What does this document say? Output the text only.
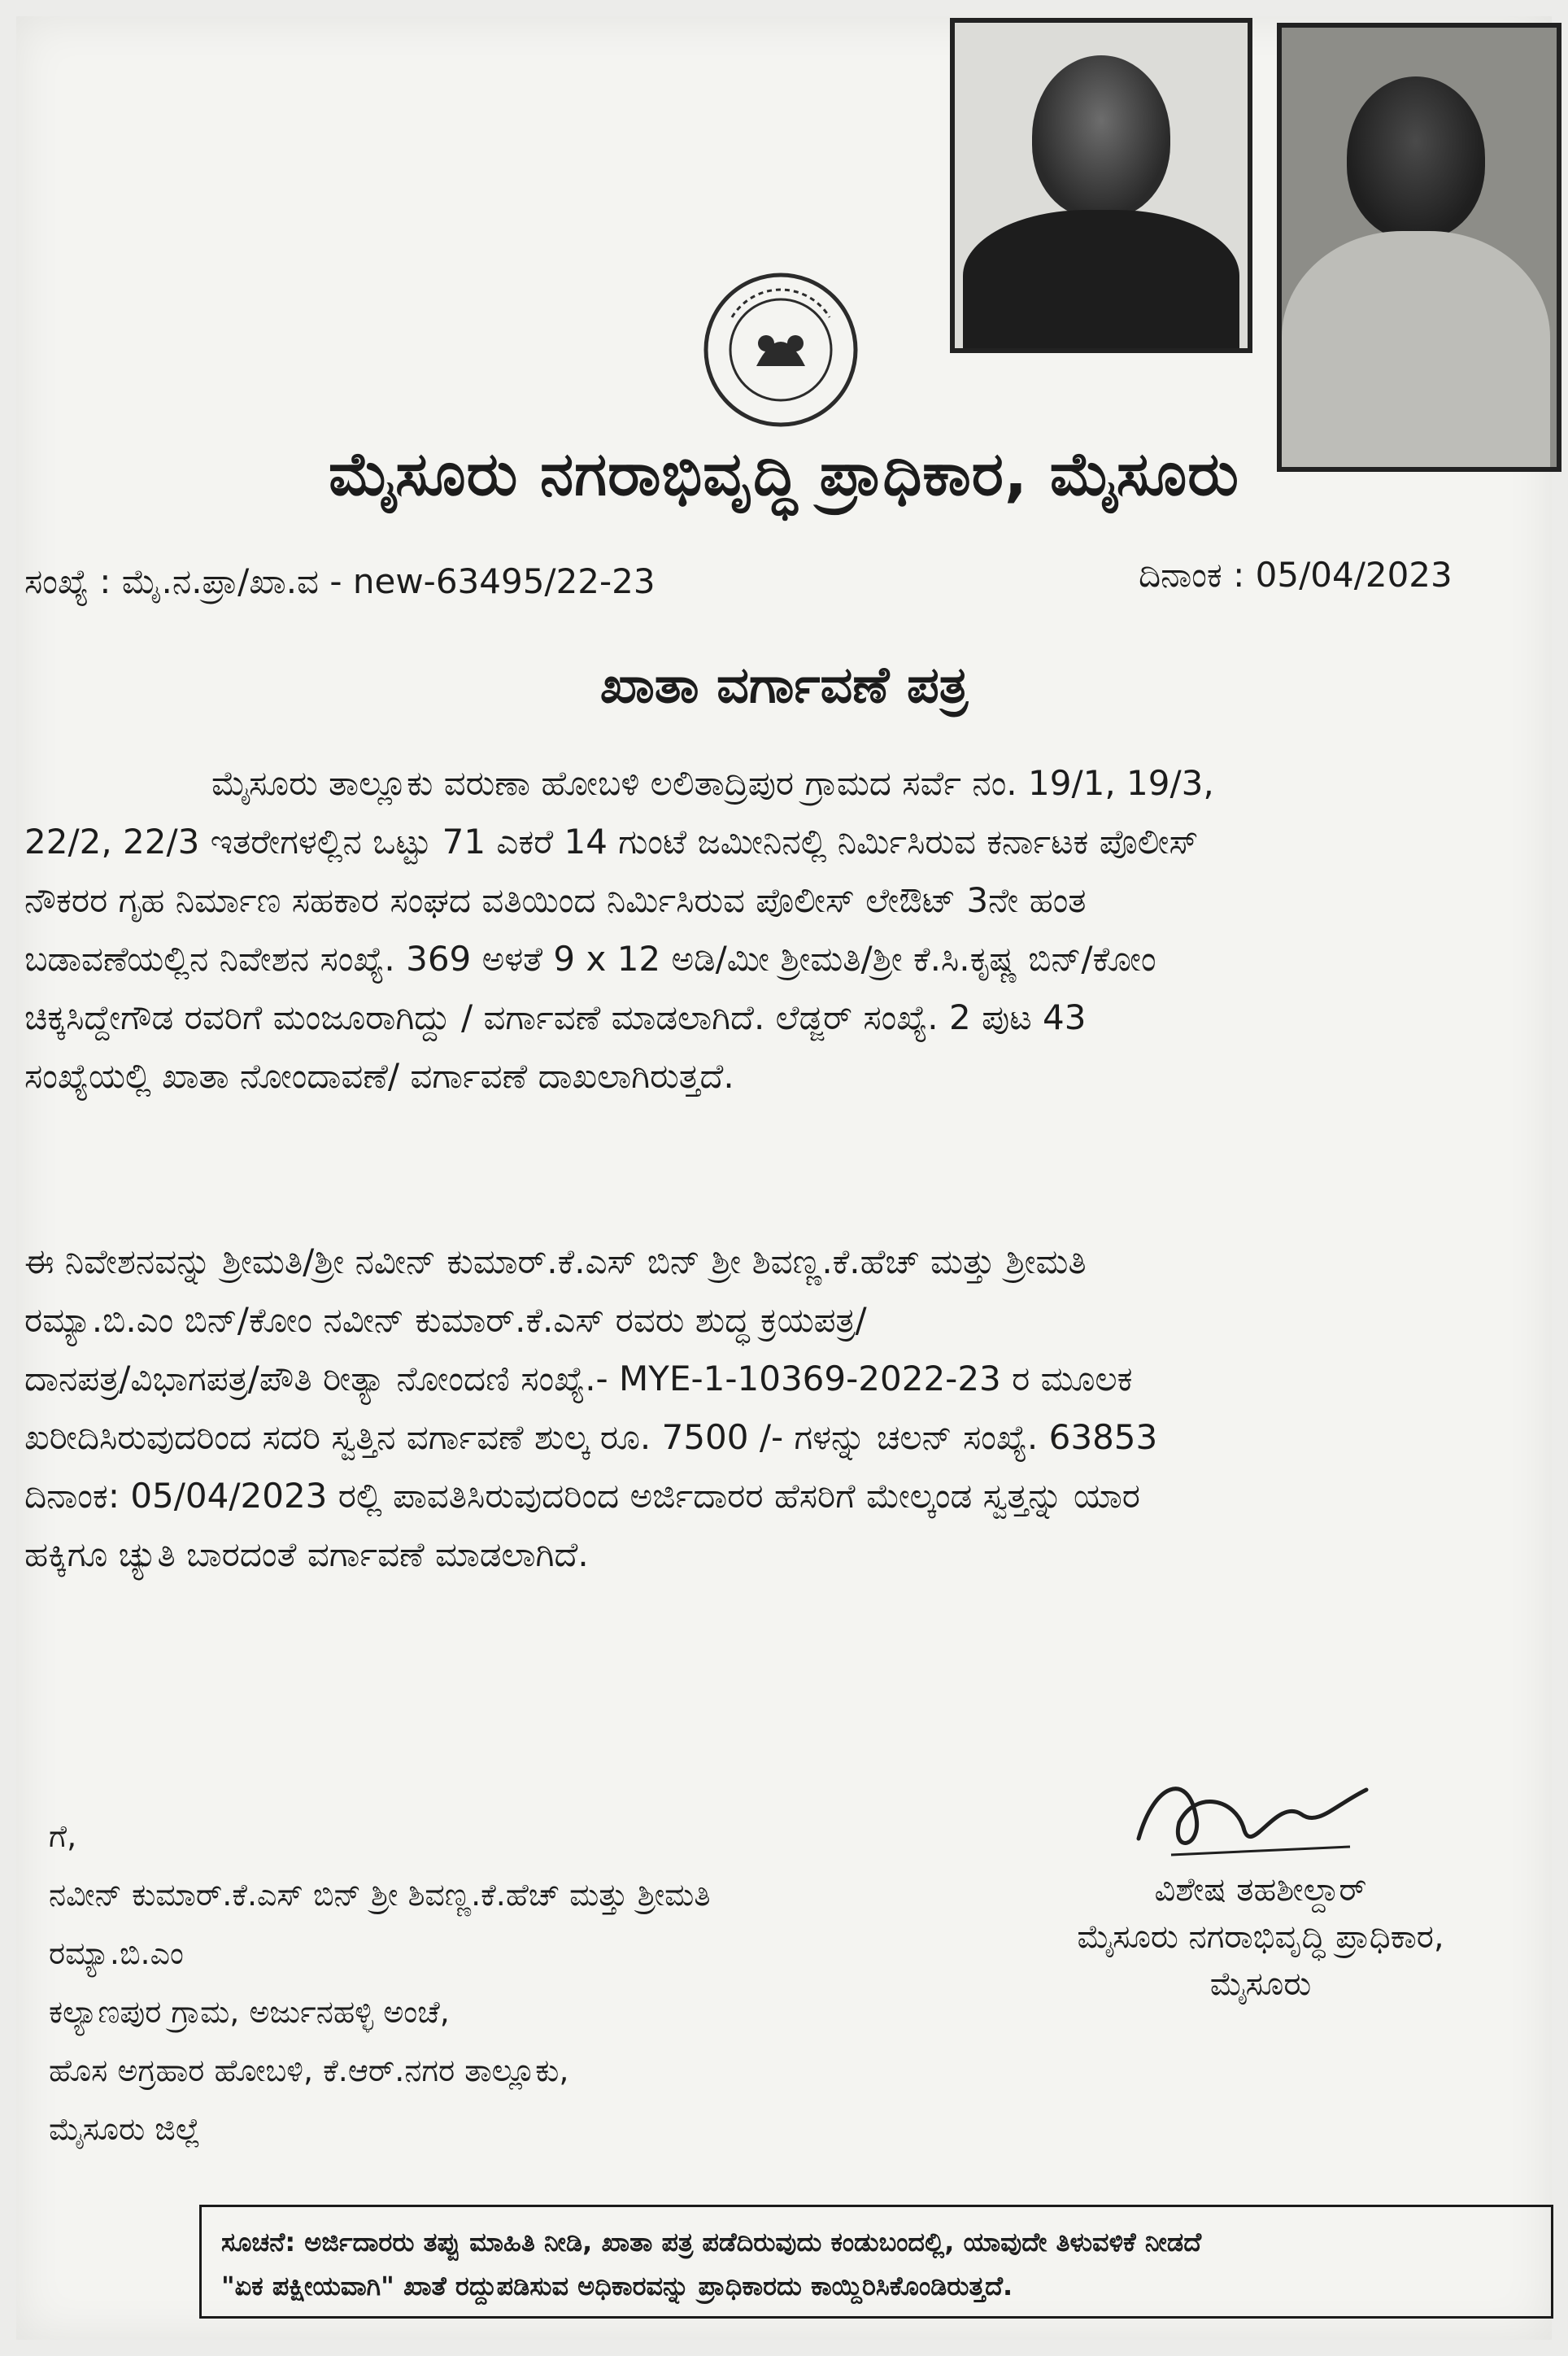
ಮೈಸೂರು ನಗರಾಭಿವೃದ್ಧಿ ಪ್ರಾಧಿಕಾರ, ಮೈಸೂರು
ಸಂಖ್ಯೆ : ಮೈ.ನ.ಪ್ರಾ/ಖಾ.ವ - new-63495/22-23	ದಿನಾಂಕ : 05/04/2023
ಖಾತಾ ವರ್ಗಾವಣೆ ಪತ್ರ
ಮೈಸೂರು ತಾಲ್ಲೂಕು ವರುಣಾ ಹೋಬಳಿ ಲಲಿತಾದ್ರಿಪುರ ಗ್ರಾಮದ ಸರ್ವೆ ನಂ. 19/1, 19/3,
22/2, 22/3 ಇತರೇಗಳಲ್ಲಿನ ಒಟ್ಟು 71 ಎಕರೆ 14 ಗುಂಟೆ ಜಮೀನಿನಲ್ಲಿ ನಿರ್ಮಿಸಿರುವ ಕರ್ನಾಟಕ ಪೊಲೀಸ್
ನೌಕರರ ಗೃಹ ನಿರ್ಮಾಣ ಸಹಕಾರ ಸಂಘದ ವತಿಯಿಂದ ನಿರ್ಮಿಸಿರುವ ಪೊಲೀಸ್ ಲೇಔಟ್ 3ನೇ ಹಂತ
ಬಡಾವಣೆಯಲ್ಲಿನ ನಿವೇಶನ ಸಂಖ್ಯೆ. 369 ಅಳತೆ 9 x 12 ಅಡಿ/ಮೀ ಶ್ರೀಮತಿ/ಶ್ರೀ ಕೆ.ಸಿ.ಕೃಷ್ಣ ಬಿನ್/ಕೋಂ
ಚಿಕ್ಕಸಿದ್ದೇಗೌಡ ರವರಿಗೆ ಮಂಜೂರಾಗಿದ್ದು / ವರ್ಗಾವಣೆ ಮಾಡಲಾಗಿದೆ. ಲೆಡ್ಜರ್ ಸಂಖ್ಯೆ. 2 ಪುಟ 43
ಸಂಖ್ಯೆಯಲ್ಲಿ ಖಾತಾ ನೋಂದಾವಣೆ/ ವರ್ಗಾವಣೆ ದಾಖಲಾಗಿರುತ್ತದೆ.
ಈ ನಿವೇಶನವನ್ನು ಶ್ರೀಮತಿ/ಶ್ರೀ ನವೀನ್ ಕುಮಾರ್.ಕೆ.ಎಸ್ ಬಿನ್ ಶ್ರೀ ಶಿವಣ್ಣ.ಕೆ.ಹೆಚ್ ಮತ್ತು ಶ್ರೀಮತಿ
ರಮ್ಯಾ.ಬಿ.ಎಂ ಬಿನ್/ಕೋಂ ನವೀನ್ ಕುಮಾರ್.ಕೆ.ಎಸ್ ರವರು ಶುದ್ಧ ಕ್ರಯಪತ್ರ/
ದಾನಪತ್ರ/ವಿಭಾಗಪತ್ರ/ಪೌತಿ ರೀತ್ಯಾ ನೋಂದಣಿ ಸಂಖ್ಯೆ.- MYE-1-10369-2022-23 ರ ಮೂಲಕ
ಖರೀದಿಸಿರುವುದರಿಂದ ಸದರಿ ಸ್ವತ್ತಿನ ವರ್ಗಾವಣೆ ಶುಲ್ಕ ರೂ. 7500 /- ಗಳನ್ನು ಚಲನ್ ಸಂಖ್ಯೆ. 63853
ದಿನಾಂಕ: 05/04/2023 ರಲ್ಲಿ ಪಾವತಿಸಿರುವುದರಿಂದ ಅರ್ಜಿದಾರರ ಹೆಸರಿಗೆ ಮೇಲ್ಕಂಡ ಸ್ವತ್ತನ್ನು ಯಾರ
ಹಕ್ಕಿಗೂ ಚ್ಯುತಿ ಬಾರದಂತೆ ವರ್ಗಾವಣೆ ಮಾಡಲಾಗಿದೆ.
ಗೆ,
ನವೀನ್ ಕುಮಾರ್.ಕೆ.ಎಸ್ ಬಿನ್ ಶ್ರೀ ಶಿವಣ್ಣ.ಕೆ.ಹೆಚ್ ಮತ್ತು ಶ್ರೀಮತಿ
ರಮ್ಯಾ.ಬಿ.ಎಂ
ಕಲ್ಯಾಣಪುರ ಗ್ರಾಮ, ಅರ್ಜುನಹಳ್ಳಿ ಅಂಚೆ,
ಹೊಸ ಅಗ್ರಹಾರ ಹೋಬಳಿ, ಕೆ.ಆರ್.ನಗರ ತಾಲ್ಲೂಕು,
ಮೈಸೂರು ಜಿಲ್ಲೆ
ವಿಶೇಷ ತಹಶೀಲ್ದಾರ್
ಮೈಸೂರು ನಗರಾಭಿವೃದ್ಧಿ ಪ್ರಾಧಿಕಾರ,
ಮೈಸೂರು
ಸೂಚನೆ: ಅರ್ಜಿದಾರರು ತಪ್ಪು ಮಾಹಿತಿ ನೀಡಿ, ಖಾತಾ ಪತ್ರ ಪಡೆದಿರುವುದು ಕಂಡುಬಂದಲ್ಲಿ, ಯಾವುದೇ ತಿಳುವಳಿಕೆ ನೀಡದೆ
"ಏಕ ಪಕ್ಷೀಯವಾಗಿ" ಖಾತೆ ರದ್ದುಪಡಿಸುವ ಅಧಿಕಾರವನ್ನು ಪ್ರಾಧಿಕಾರದು ಕಾಯ್ದಿರಿಸಿಕೊಂಡಿರುತ್ತದೆ.
